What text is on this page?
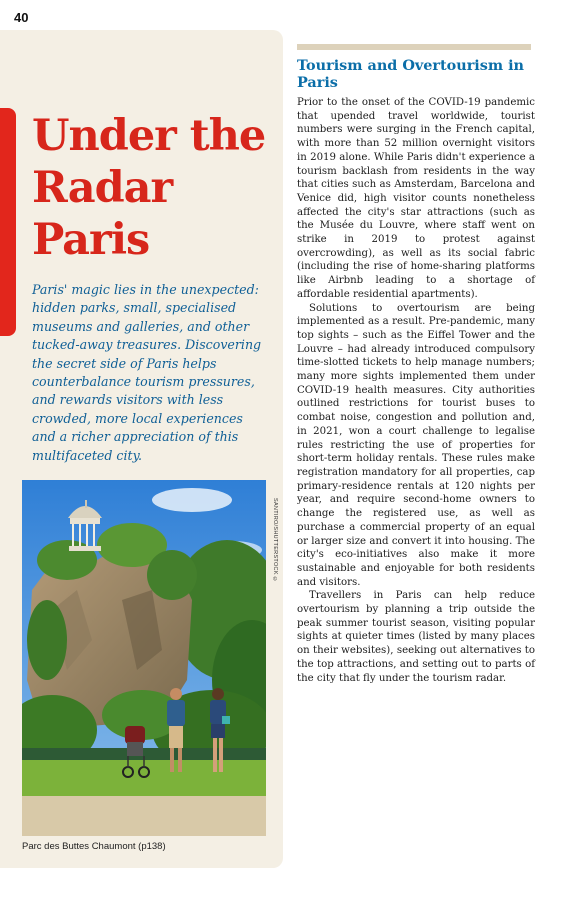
40
Under the
Radar
Paris

Paris' magic lies in the unexpected: hidden parks, small, specialised museums and galleries, and other tucked-away treasures. Discovering the secret side of Paris helps counterbalance tourism pressures, and rewards visitors with less crowded, more local experiences and a richer appreciation of this multifaceted city.

SANTIRO/SHUTTERSTOCK ©
Parc des Buttes Chaumont (p138)
Tourism and Overtourism in Paris

Prior to the onset of the COVID-19 pandemic that upended travel worldwide, tourist numbers were surging in the French capital, with more than 52 million overnight visitors in 2019 alone. While Paris didn't experience a tourism backlash from residents in the way that cities such as Amsterdam, Barcelona and Venice did, high visitor counts nonetheless affected the city's star attractions (such as the Musée du Louvre, where staff went on strike in 2019 to protest against overcrowding), as well as its social fabric (including the rise of home-sharing platforms like Airbnb leading to a shortage of affordable residential apartments).

Solutions to overtourism are being implemented as a result. Pre-pandemic, many top sights – such as the Eiffel Tower and the Louvre – had already introduced compulsory time-slotted tickets to help manage numbers; many more sights implemented them under COVID-19 health measures. City authorities outlined restrictions for tourist buses to combat noise, congestion and pollution and, in 2021, won a court challenge to legalise rules restricting the use of properties for short-term holiday rentals. These rules make registration mandatory for all properties, cap primary-residence rentals at 120 nights per year, and require second-home owners to change the registered use, as well as purchase a commercial property of an equal or larger size and convert it into housing. The city's eco-initiatives also make it more sustainable and enjoyable for both residents and visitors.

Travellers in Paris can help reduce overtourism by planning a trip outside the peak summer tourist season, visiting popular sights at quieter times (listed by many places on their websites), seeking out alternatives to the top attractions, and setting out to parts of the city that fly under the tourism radar.
